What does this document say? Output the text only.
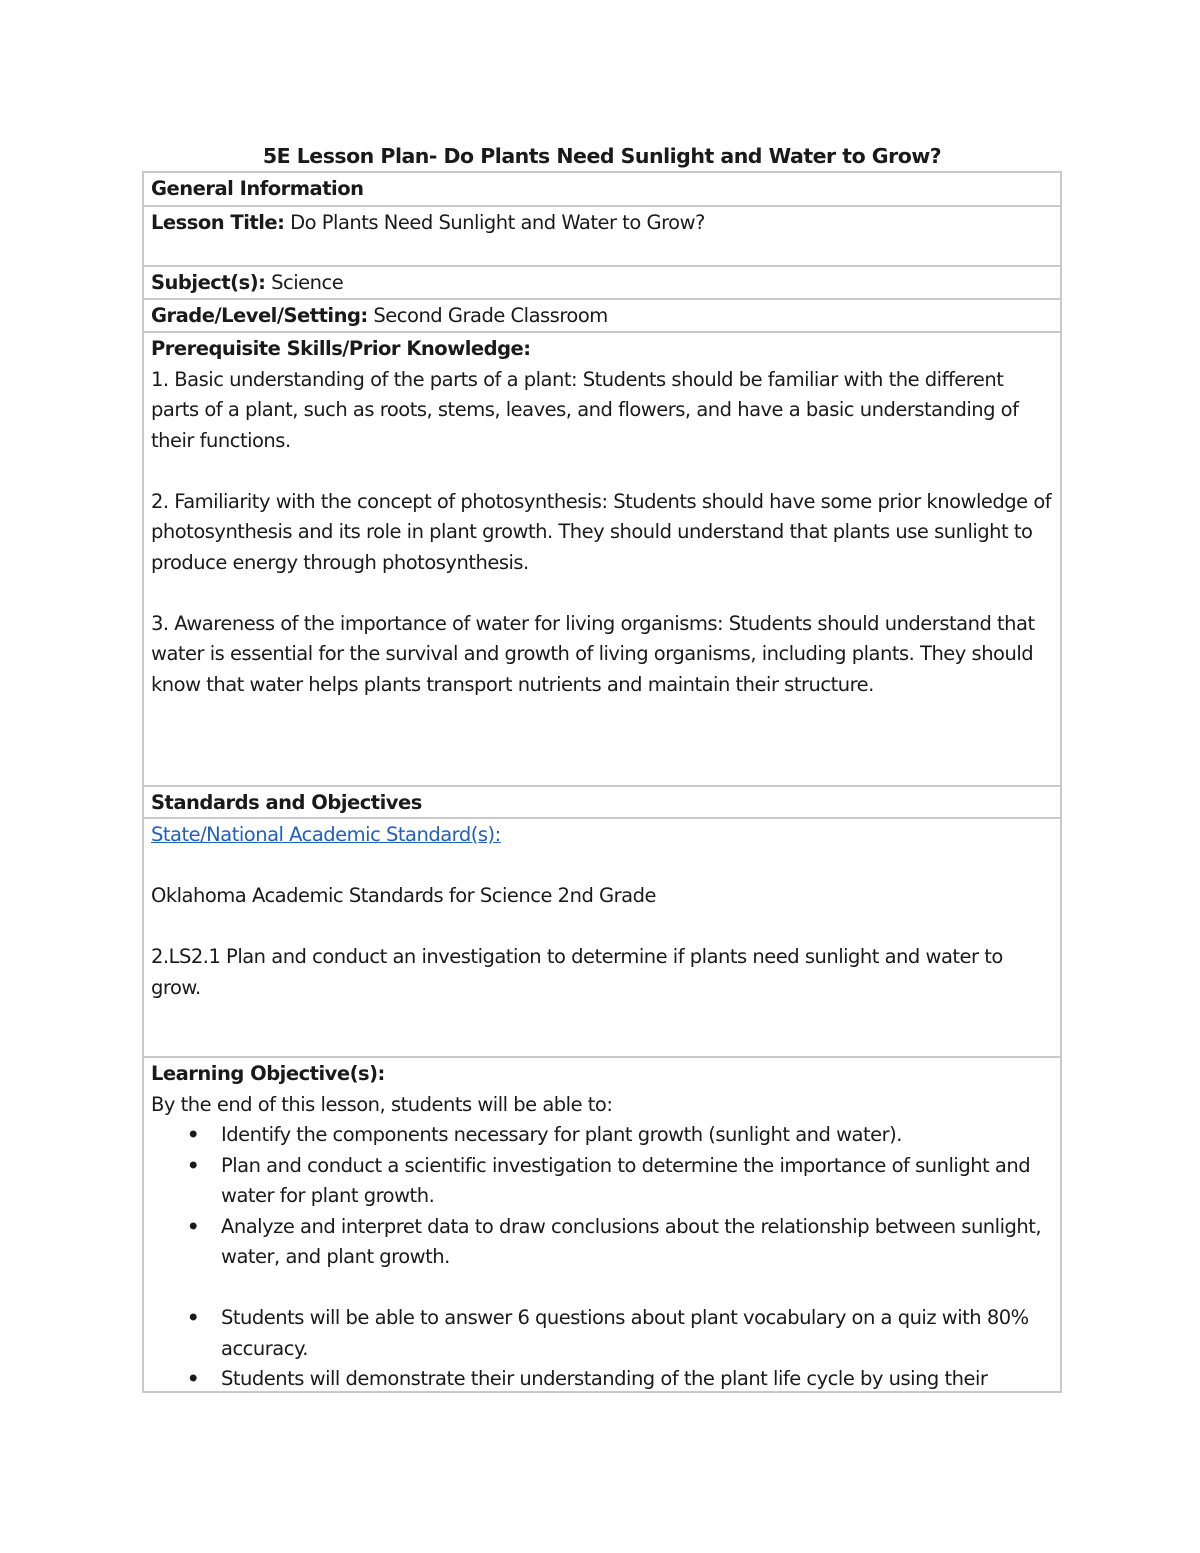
5E Lesson Plan- Do Plants Need Sunlight and Water to Grow?
General Information
Lesson Title: Do Plants Need Sunlight and Water to Grow?
Subject(s): Science
Grade/Level/Setting: Second Grade Classroom
Prerequisite Skills/Prior Knowledge:

1. Basic understanding of the parts of a plant: Students should be familiar with the different parts of a plant, such as roots, stems, leaves, and flowers, and have a basic understanding of their functions.

2. Familiarity with the concept of photosynthesis: Students should have some prior knowledge of photosynthesis and its role in plant growth. They should understand that plants use sunlight to produce energy through photosynthesis.

3. Awareness of the importance of water for living organisms: Students should understand that water is essential for the survival and growth of living organisms, including plants. They should know that water helps plants transport nutrients and maintain their structure.

Standards and Objectives
State/National Academic Standard(s):

Oklahoma Academic Standards for Science 2nd Grade

2.LS2.1 Plan and conduct an investigation to determine if plants need sunlight and water to grow.

Learning Objective(s):

By the end of this lesson, students will be able to:

• Identify the components necessary for plant growth (sunlight and water).
• Plan and conduct a scientific investigation to determine the importance of sunlight and water for plant growth.
• Analyze and interpret data to draw conclusions about the relationship between sunlight, water, and plant growth.
• Students will be able to answer 6 questions about plant vocabulary on a quiz with 80% accuracy.
• Students will demonstrate their understanding of the plant life cycle by using their
